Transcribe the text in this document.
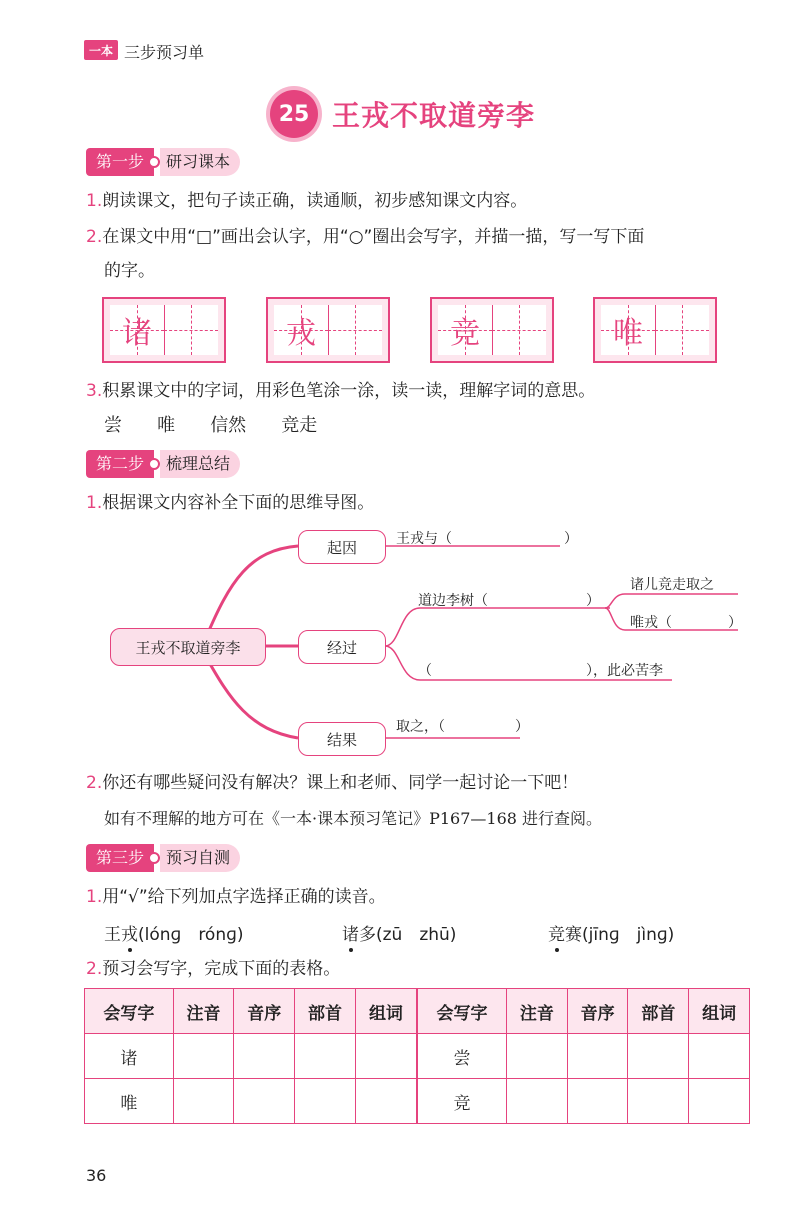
一本 三步预习单
25 王戎不取道旁李
第一步	研习课本
1.朗读课文，把句子读正确，读通顺，初步感知课文内容。
2.在课文中用“□”画出会认字，用“○”圈出会写字，并描一描，写一写下面
的字。
诸	戎	竞	唯
3.积累课文中的字词，用彩色笔涂一涂，读一读，理解字词的意思。
尝 唯 信然 竞走
第二步	梳理总结
1.根据课文内容补全下面的思维导图。
王戎不取道旁李
起因
经过
结果
王戎与（　　　　　　　　）
道边李树（　　　　　　　）
诸儿竞走取之
唯戎（　　　　）
（　　　　　　　　　　　），此必苦李
取之，（　　　　　）
2.你还有哪些疑问没有解决？课上和老师、同学一起讨论一下吧！
如有不理解的地方可在《一本·课本预习笔记》P167—168 进行查阅。
第三步	预习自测
1.用“√”给下列加点字选择正确的读音。
王戎(lónɡ　rónɡ)	诸多(zū　zhū)	竞赛(jīnɡ　jìnɡ)
2.预习会写字，完成下面的表格。
会写字	注音	音序	部首	组词	会写字	注音	音序	部首	组词
诸					尝				
唯					竞				
36
